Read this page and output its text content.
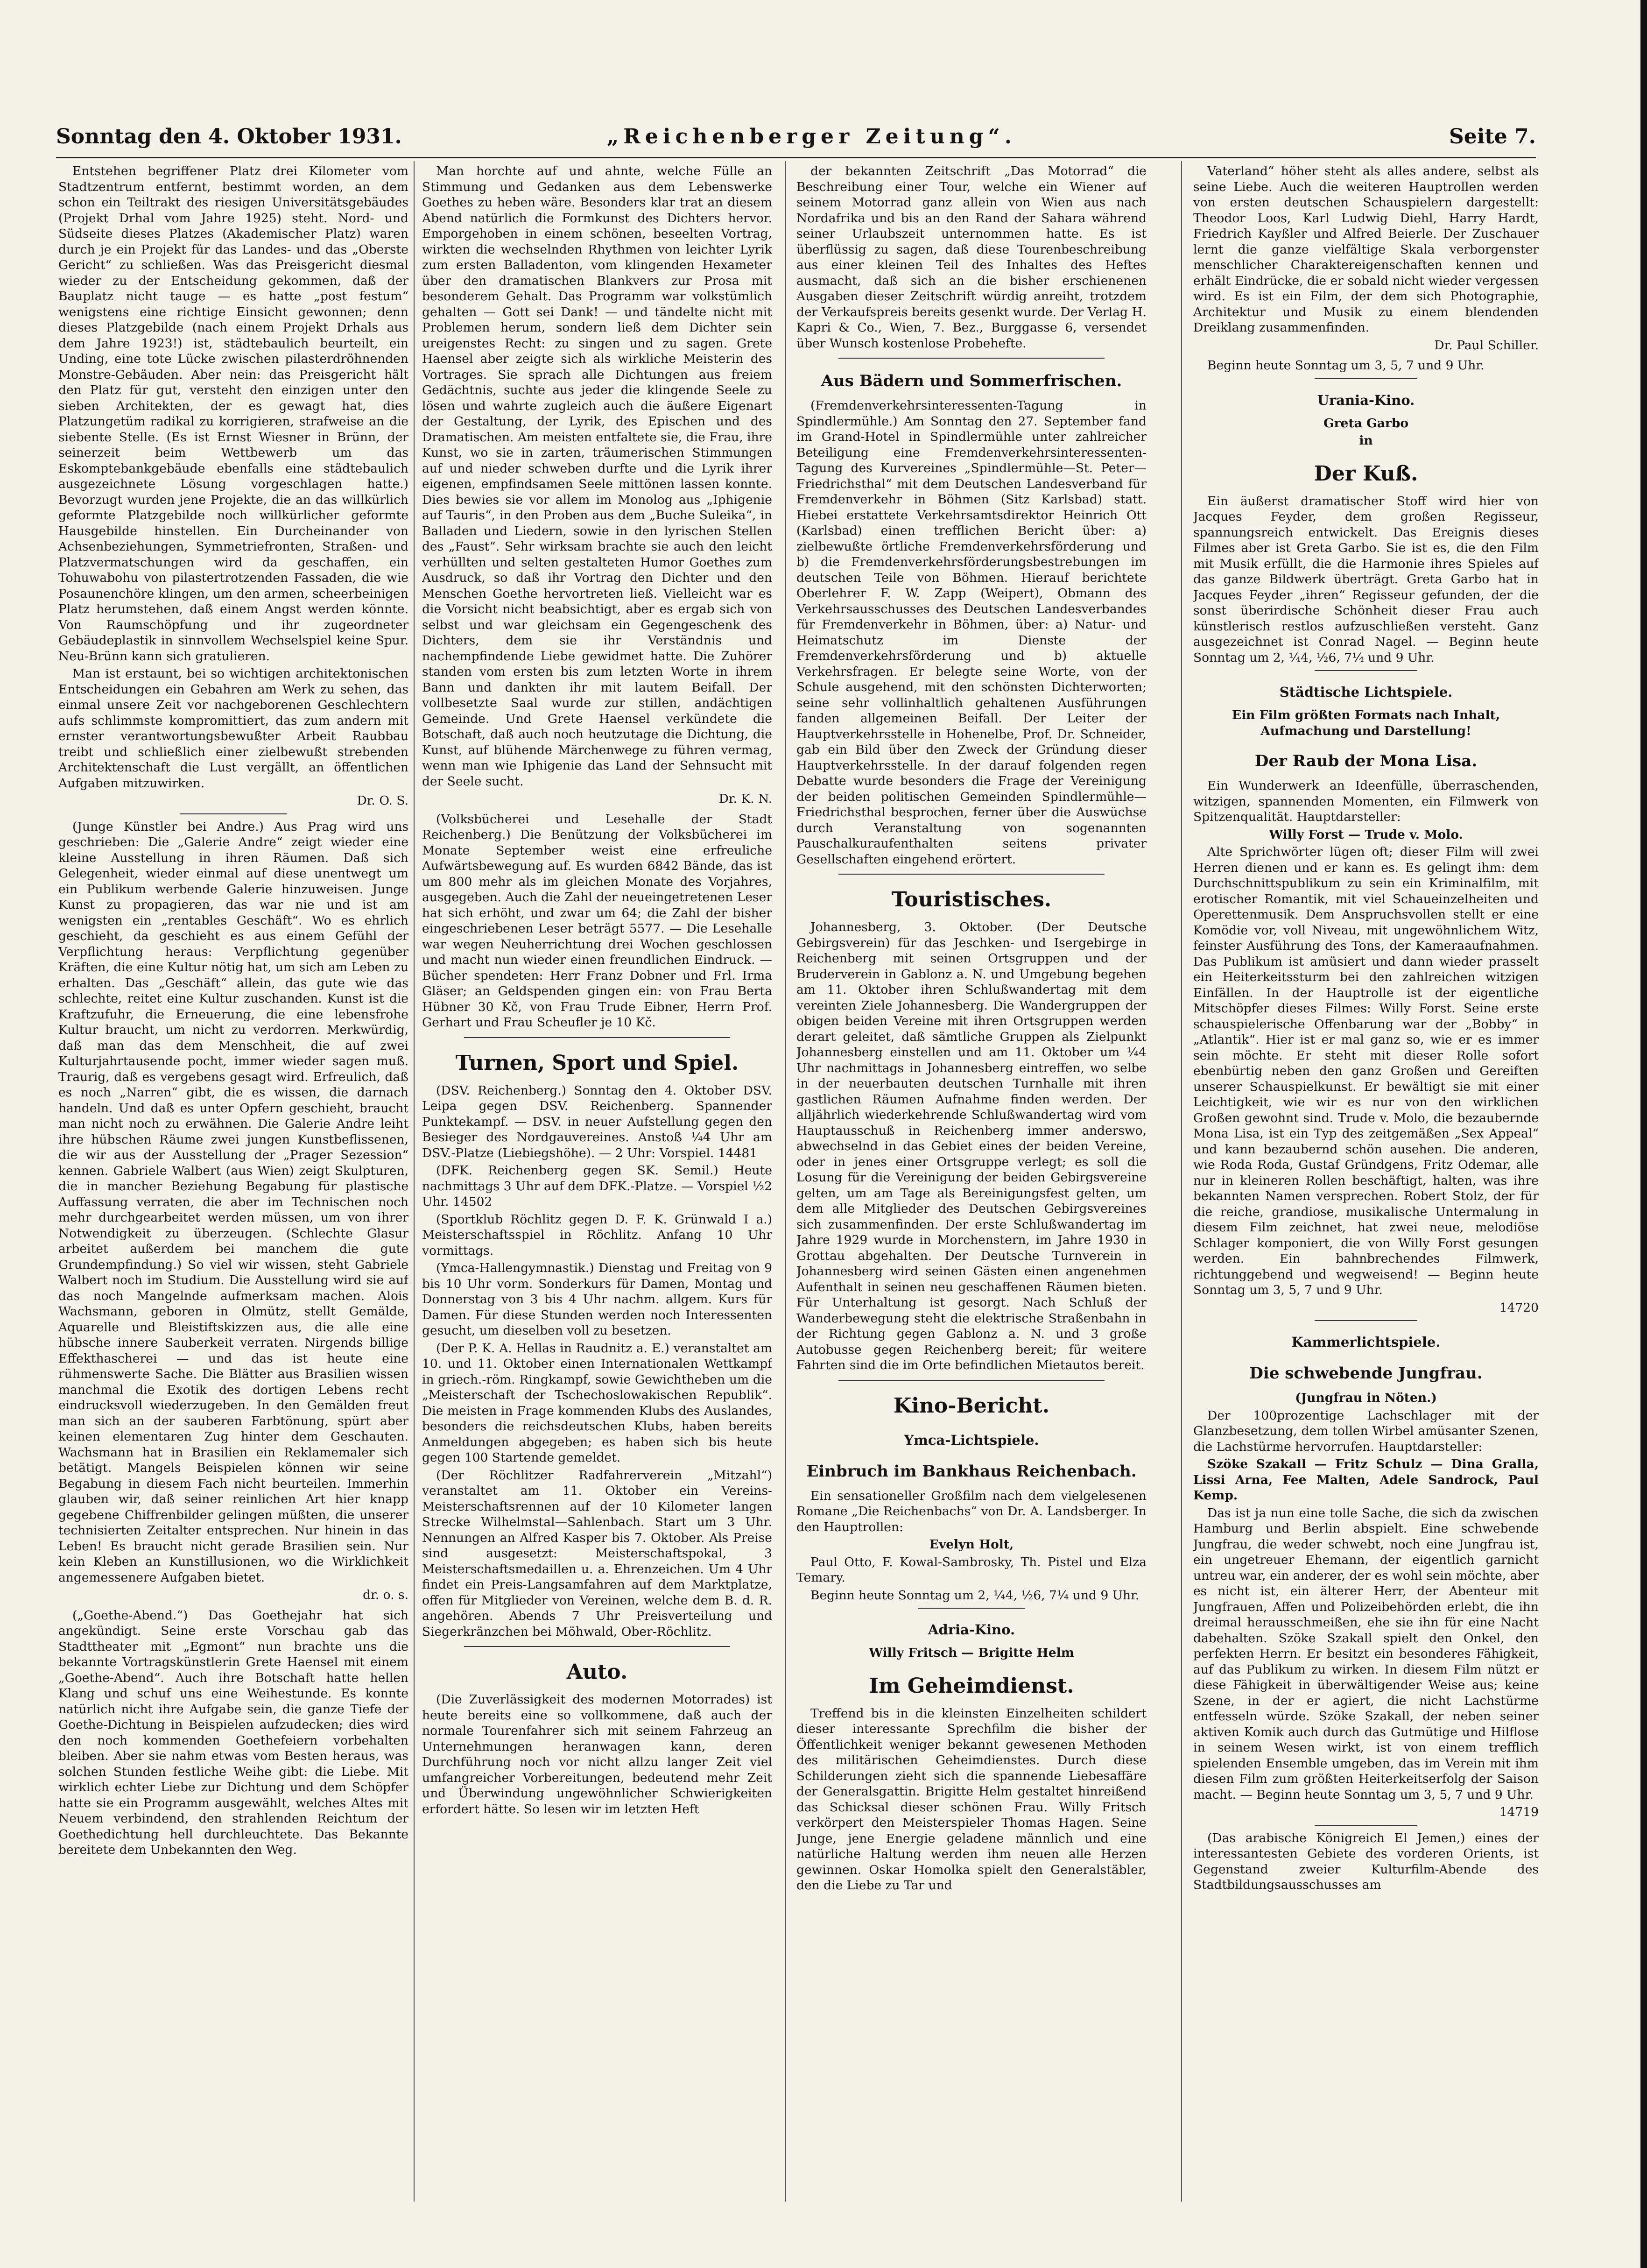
Sonntag den 4. Oktober 1931.	„Reichenberger Zeitung“.	Seite 7.

Entstehen begriffener Platz drei Kilometer vom Stadtzentrum entfernt, bestimmt worden, an dem schon ein Teiltrakt des riesigen Universitätsgebäudes (Projekt Drhal vom Jahre 1925) steht. Nord- und Südseite dieses Platzes (Akademischer Platz) waren durch je ein Projekt für das Landes- und das „Oberste Gericht“ zu schließen. Was das Preisgericht diesmal wieder zu der Entscheidung gekommen, daß der Bauplatz nicht tauge — es hatte „post festum“ wenigstens eine richtige Einsicht gewonnen; denn dieses Platzgebilde (nach einem Projekt Drhals aus dem Jahre 1923!) ist, städtebaulich beurteilt, ein Unding, eine tote Lücke zwischen pilasterdröhnenden Monstre-Gebäuden. Aber nein: das Preisgericht hält den Platz für gut, versteht den einzigen unter den sieben Architekten, der es gewagt hat, dies Platzungetüm radikal zu korrigieren, strafweise an die siebente Stelle. (Es ist Ernst Wiesner in Brünn, der seinerzeit beim Wettbewerb um das Eskomptebankgebäude ebenfalls eine städtebaulich ausgezeichnete Lösung vorgeschlagen hatte.) Bevorzugt wurden jene Projekte, die an das willkürlich geformte Platzgebilde noch willkürlicher geformte Hausgebilde hinstellen. Ein Durcheinander von Achsenbeziehungen, Symmetriefronten, Straßen- und Platzvermatschungen wird da geschaffen, ein Tohuwabohu von pilastertrotzenden Fassaden, die wie Posaunenchöre klingen, um den armen, scheerbeinigen Platz herumstehen, daß einem Angst werden könnte. Von Raumschöpfung und ihr zugeordneter Gebäudeplastik in sinnvollem Wechselspiel keine Spur. Neu-Brünn kann sich gratulieren.

Man ist erstaunt, bei so wichtigen architektonischen Entscheidungen ein Gebahren am Werk zu sehen, das einmal unsere Zeit vor nachgeborenen Geschlechtern aufs schlimmste kompromittiert, das zum andern mit ernster verantwortungsbewußter Arbeit Raubbau treibt und schließlich einer zielbewußt strebenden Architektenschaft die Lust vergällt, an öffentlichen Aufgaben mitzuwirken.

Dr. O. S.

(Junge Künstler bei Andre.) Aus Prag wird uns geschrieben: Die „Galerie Andre“ zeigt wieder eine kleine Ausstellung in ihren Räumen. Daß sich Gelegenheit, wieder einmal auf diese unentwegt um ein Publikum werbende Galerie hinzuweisen. Junge Kunst zu propagieren, das war nie und ist am wenigsten ein „rentables Geschäft“. Wo es ehrlich geschieht, da geschieht es aus einem Gefühl der Verpflichtung heraus: Verpflichtung gegenüber Kräften, die eine Kultur nötig hat, um sich am Leben zu erhalten. Das „Geschäft“ allein, das gute wie das schlechte, reitet eine Kultur zuschanden. Kunst ist die Kraftzufuhr, die Erneuerung, die eine lebensfrohe Kultur braucht, um nicht zu verdorren. Merkwürdig, daß man das dem Menschheit, die auf zwei Kulturjahrtausende pocht, immer wieder sagen muß. Traurig, daß es vergebens gesagt wird. Erfreulich, daß es noch „Narren“ gibt, die es wissen, die darnach handeln. Und daß es unter Opfern geschieht, braucht man nicht noch zu erwähnen. Die Galerie Andre leiht ihre hübschen Räume zwei jungen Kunstbeflissenen, die wir aus der Ausstellung der „Prager Sezession“ kennen. Gabriele Walbert (aus Wien) zeigt Skulpturen, die in mancher Beziehung Begabung für plastische Auffassung verraten, die aber im Technischen noch mehr durchgearbeitet werden müssen, um von ihrer Notwendigkeit zu überzeugen. (Schlechte Glasur arbeitet außerdem bei manchem die gute Grundempfindung.) So viel wir wissen, steht Gabriele Walbert noch im Studium. Die Ausstellung wird sie auf das noch Mangelnde aufmerksam machen. Alois Wachsmann, geboren in Olmütz, stellt Gemälde, Aquarelle und Bleistiftskizzen aus, die alle eine hübsche innere Sauberkeit verraten. Nirgends billige Effekthascherei — und das ist heute eine rühmenswerte Sache. Die Blätter aus Brasilien wissen manchmal die Exotik des dortigen Lebens recht eindrucksvoll wiederzugeben. In den Gemälden freut man sich an der sauberen Farbtönung, spürt aber keinen elementaren Zug hinter dem Geschauten. Wachsmann hat in Brasilien ein Reklamemaler sich betätigt. Mangels Beispielen können wir seine Begabung in diesem Fach nicht beurteilen. Immerhin glauben wir, daß seiner reinlichen Art hier knapp gegebene Chiffrenbilder gelingen müßten, die unserer technisierten Zeitalter entsprechen. Nur hinein in das Leben! Es braucht nicht gerade Brasilien sein. Nur kein Kleben an Kunstillusionen, wo die Wirklichkeit angemessenere Aufgaben bietet.

dr. o. s.

(„Goethe-Abend.“) Das Goethejahr hat sich angekündigt. Seine erste Vorschau gab das Stadttheater mit „Egmont“ nun brachte uns die bekannte Vortragskünstlerin Grete Haensel mit einem „Goethe-Abend“. Auch ihre Botschaft hatte hellen Klang und schuf uns eine Weihestunde. Es konnte natürlich nicht ihre Aufgabe sein, die ganze Tiefe der Goethe-Dichtung in Beispielen aufzudecken; dies wird den noch kommenden Goethefeiern vorbehalten bleiben. Aber sie nahm etwas vom Besten heraus, was solchen Stunden festliche Weihe gibt: die Liebe. Mit wirklich echter Liebe zur Dichtung und dem Schöpfer hatte sie ein Programm ausgewählt, welches Altes mit Neuem verbindend, den strahlenden Reichtum der Goethedichtung hell durchleuchtete. Das Bekannte bereitete dem Unbekannten den Weg.

Man horchte auf und ahnte, welche Fülle an Stimmung und Gedanken aus dem Lebenswerke Goethes zu heben wäre. Besonders klar trat an diesem Abend natürlich die Formkunst des Dichters hervor. Emporgehoben in einem schönen, beseelten Vortrag, wirkten die wechselnden Rhythmen von leichter Lyrik zum ersten Balladenton, vom klingenden Hexameter über den dramatischen Blankvers zur Prosa mit besonderem Gehalt. Das Programm war volkstümlich gehalten — Gott sei Dank! — und tändelte nicht mit Problemen herum, sondern ließ dem Dichter sein ureigenstes Recht: zu singen und zu sagen. Grete Haensel aber zeigte sich als wirkliche Meisterin des Vortrages. Sie sprach alle Dichtungen aus freiem Gedächtnis, suchte aus jeder die klingende Seele zu lösen und wahrte zugleich auch die äußere Eigenart der Gestaltung, der Lyrik, des Epischen und des Dramatischen. Am meisten entfaltete sie, die Frau, ihre Kunst, wo sie in zarten, träumerischen Stimmungen auf und nieder schweben durfte und die Lyrik ihrer eigenen, empfindsamen Seele mittönen lassen konnte. Dies bewies sie vor allem im Monolog aus „Iphigenie auf Tauris“, in den Proben aus dem „Buche Suleika“, in Balladen und Liedern, sowie in den lyrischen Stellen des „Faust“. Sehr wirksam brachte sie auch den leicht verhüllten und selten gestalteten Humor Goethes zum Ausdruck, so daß ihr Vortrag den Dichter und den Menschen Goethe hervortreten ließ. Vielleicht war es die Vorsicht nicht beabsichtigt, aber es ergab sich von selbst und war gleichsam ein Gegengeschenk des Dichters, dem sie ihr Verständnis und nachempfindende Liebe gewidmet hatte. Die Zuhörer standen vom ersten bis zum letzten Worte in ihrem Bann und dankten ihr mit lautem Beifall. Der vollbesetzte Saal wurde zur stillen, andächtigen Gemeinde. Und Grete Haensel verkündete die Botschaft, daß auch noch heutzutage die Dichtung, die Kunst, auf blühende Märchenwege zu führen vermag, wenn man wie Iphigenie das Land der Sehnsucht mit der Seele sucht.

Dr. K. N.

(Volksbücherei und Lesehalle der Stadt Reichenberg.) Die Benützung der Volksbücherei im Monate September weist eine erfreuliche Aufwärtsbewegung auf. Es wurden 6842 Bände, das ist um 800 mehr als im gleichen Monate des Vorjahres, ausgegeben. Auch die Zahl der neueingetretenen Leser hat sich erhöht, und zwar um 64; die Zahl der bisher eingeschriebenen Leser beträgt 5577. — Die Lesehalle war wegen Neuherrichtung drei Wochen geschlossen und macht nun wieder einen freundlichen Eindruck. — Bücher spendeten: Herr Franz Dobner und Frl. Irma Gläser; an Geldspenden gingen ein: von Frau Berta Hübner 30 Kč, von Frau Trude Eibner, Herrn Prof. Gerhart und Frau Scheufler je 10 Kč.

Turnen, Sport und Spiel.

(DSV. Reichenberg.) Sonntag den 4. Oktober DSV. Leipa gegen DSV. Reichenberg. Spannender Punktekampf. — DSV. in neuer Aufstellung gegen den Besieger des Nordgauvereines. Anstoß ¼4 Uhr am DSV.-Platze (Liebiegshöhe). — 2 Uhr: Vorspiel. 14481

(DFK. Reichenberg gegen SK. Semil.) Heute nachmittags 3 Uhr auf dem DFK.-Platze. — Vorspiel ½2 Uhr. 14502

(Sportklub Röchlitz gegen D. F. K. Grünwald I a.) Meisterschaftsspiel in Röchlitz. Anfang 10 Uhr vormittags.

(Ymca-Hallengymnastik.) Dienstag und Freitag von 9 bis 10 Uhr vorm. Sonderkurs für Damen, Montag und Donnerstag von 3 bis 4 Uhr nachm. allgem. Kurs für Damen. Für diese Stunden werden noch Interessenten gesucht, um dieselben voll zu besetzen.

(Der P. K. A. Hellas in Raudnitz a. E.) veranstaltet am 10. und 11. Oktober einen Internationalen Wettkampf in griech.-röm. Ringkampf, sowie Gewichtheben um die „Meisterschaft der Tschechoslowakischen Republik“. Die meisten in Frage kommenden Klubs des Auslandes, besonders die reichsdeutschen Klubs, haben bereits Anmeldungen abgegeben; es haben sich bis heute gegen 100 Startende gemeldet.

(Der Röchlitzer Radfahrerverein „Mitzahl“) veranstaltet am 11. Oktober ein Vereins-Meisterschaftsrennen auf der 10 Kilometer langen Strecke Wilhelmstal—Sahlenbach. Start um 3 Uhr. Nennungen an Alfred Kasper bis 7. Oktober. Als Preise sind ausgesetzt: Meisterschaftspokal, 3 Meisterschaftsmedaillen u. a. Ehrenzeichen. Um 4 Uhr findet ein Preis-Langsamfahren auf dem Marktplatze, offen für Mitglieder von Vereinen, welche dem B. d. R. angehören. Abends 7 Uhr Preisverteilung und Siegerkränzchen bei Möhwald, Ober-Röchlitz.

Auto.

(Die Zuverlässigkeit des modernen Motorrades) ist heute bereits eine so vollkommene, daß auch der normale Tourenfahrer sich mit seinem Fahrzeug an Unternehmungen heranwagen kann, deren Durchführung noch vor nicht allzu langer Zeit viel umfangreicher Vorbereitungen, bedeutend mehr Zeit und Überwindung ungewöhnlicher Schwierigkeiten erfordert hätte. So lesen wir im letzten Heft

der bekannten Zeitschrift „Das Motorrad“ die Beschreibung einer Tour, welche ein Wiener auf seinem Motorrad ganz allein von Wien aus nach Nordafrika und bis an den Rand der Sahara während seiner Urlaubszeit unternommen hatte. Es ist überflüssig zu sagen, daß diese Tourenbeschreibung aus einer kleinen Teil des Inhaltes des Heftes ausmacht, daß sich an die bisher erschienenen Ausgaben dieser Zeitschrift würdig anreiht, trotzdem der Verkaufspreis bereits gesenkt wurde. Der Verlag H. Kapri & Co., Wien, 7. Bez., Burggasse 6, versendet über Wunsch kostenlose Probehefte.

Aus Bädern und Sommerfrischen.

(Fremdenverkehrsinteressenten-Tagung in Spindlermühle.) Am Sonntag den 27. September fand im Grand-Hotel in Spindlermühle unter zahlreicher Beteiligung eine Fremdenverkehrsinteressenten-Tagung des Kurvereines „Spindlermühle—St. Peter—Friedrichsthal“ mit dem Deutschen Landesverband für Fremdenverkehr in Böhmen (Sitz Karlsbad) statt. Hiebei erstattete Verkehrsamtsdirektor Heinrich Ott (Karlsbad) einen trefflichen Bericht über: a) zielbewußte örtliche Fremdenverkehrsförderung und b) die Fremdenverkehrsförderungsbestrebungen im deutschen Teile von Böhmen. Hierauf berichtete Oberlehrer F. W. Zapp (Weipert), Obmann des Verkehrsausschusses des Deutschen Landesverbandes für Fremdenverkehr in Böhmen, über: a) Natur- und Heimatschutz im Dienste der Fremdenverkehrsförderung und b) aktuelle Verkehrsfragen. Er belegte seine Worte, von der Schule ausgehend, mit den schönsten Dichterworten; seine sehr vollinhaltlich gehaltenen Ausführungen fanden allgemeinen Beifall. Der Leiter der Hauptverkehrsstelle in Hohenelbe, Prof. Dr. Schneider, gab ein Bild über den Zweck der Gründung dieser Hauptverkehrsstelle. In der darauf folgenden regen Debatte wurde besonders die Frage der Vereinigung der beiden politischen Gemeinden Spindlermühle—Friedrichsthal besprochen, ferner über die Auswüchse durch Veranstaltung von sogenannten Pauschalkuraufenthalten seitens privater Gesellschaften eingehend erörtert.

Touristisches.

Johannesberg, 3. Oktober. (Der Deutsche Gebirgsverein) für das Jeschken- und Isergebirge in Reichenberg mit seinen Ortsgruppen und der Bruderverein in Gablonz a. N. und Umgebung begehen am 11. Oktober ihren Schlußwandertag mit dem vereinten Ziele Johannesberg. Die Wandergruppen der obigen beiden Vereine mit ihren Ortsgruppen werden derart geleitet, daß sämtliche Gruppen als Zielpunkt Johannesberg einstellen und am 11. Oktober um ¼4 Uhr nachmittags in Johannesberg eintreffen, wo selbe in der neuerbauten deutschen Turnhalle mit ihren gastlichen Räumen Aufnahme finden werden. Der alljährlich wiederkehrende Schlußwandertag wird vom Hauptausschuß in Reichenberg immer anderswo, abwechselnd in das Gebiet eines der beiden Vereine, oder in jenes einer Ortsgruppe verlegt; es soll die Losung für die Vereinigung der beiden Gebirgsvereine gelten, um am Tage als Bereinigungsfest gelten, um dem alle Mitglieder des Deutschen Gebirgsvereines sich zusammenfinden. Der erste Schlußwandertag im Jahre 1929 wurde in Morchenstern, im Jahre 1930 in Grottau abgehalten. Der Deutsche Turnverein in Johannesberg wird seinen Gästen einen angenehmen Aufenthalt in seinen neu geschaffenen Räumen bieten. Für Unterhaltung ist gesorgt. Nach Schluß der Wanderbewegung steht die elektrische Straßenbahn in der Richtung gegen Gablonz a. N. und 3 große Autobusse gegen Reichenberg bereit; für weitere Fahrten sind die im Orte befindlichen Mietautos bereit.

Kino-Bericht.
Ymca-Lichtspiele.
Einbruch im Bankhaus Reichenbach.

Ein sensationeller Großfilm nach dem vielgelesenen Romane „Die Reichenbachs“ von Dr. A. Landsberger. In den Hauptrollen:

Evelyn Holt,

Paul Otto, F. Kowal-Sambrosky, Th. Pistel und Elza Temary.

Beginn heute Sonntag um 2, ¼4, ½6, 7¼ und 9 Uhr.

Adria-Kino.

Willy Fritsch — Brigitte Helm

Im Geheimdienst.

Treffend bis in die kleinsten Einzelheiten schildert dieser interessante Sprechfilm die bisher der Öffentlichkeit weniger bekannt gewesenen Methoden des militärischen Geheimdienstes. Durch diese Schilderungen zieht sich die spannende Liebesaffäre der Generalsgattin. Brigitte Helm gestaltet hinreißend das Schicksal dieser schönen Frau. Willy Fritsch verkörpert den Meisterspieler Thomas Hagen. Seine Junge, jene Energie geladene männlich und eine natürliche Haltung werden ihm neuen alle Herzen gewinnen. Oskar Homolka spielt den Generalstäbler, den die Liebe zu Tar und

Vaterland“ höher steht als alles andere, selbst als seine Liebe. Auch die weiteren Hauptrollen werden von ersten deutschen Schauspielern dargestellt: Theodor Loos, Karl Ludwig Diehl, Harry Hardt, Friedrich Kayßler und Alfred Beierle. Der Zuschauer lernt die ganze vielfältige Skala verborgenster menschlicher Charaktereigenschaften kennen und erhält Eindrücke, die er sobald nicht wieder vergessen wird. Es ist ein Film, der dem sich Photographie, Architektur und Musik zu einem blendenden Dreiklang zusammenfinden.

Dr. Paul Schiller.

Beginn heute Sonntag um 3, 5, 7 und 9 Uhr.

Urania-Kino.

Greta Garbo

in

Der Kuß.

Ein äußerst dramatischer Stoff wird hier von Jacques Feyder, dem großen Regisseur, spannungsreich entwickelt. Das Ereignis dieses Filmes aber ist Greta Garbo. Sie ist es, die den Film mit Musik erfüllt, die die Harmonie ihres Spieles auf das ganze Bildwerk überträgt. Greta Garbo hat in Jacques Feyder „ihren“ Regisseur gefunden, der die sonst überirdische Schönheit dieser Frau auch künstlerisch restlos aufzuschließen versteht. Ganz ausgezeichnet ist Conrad Nagel. — Beginn heute Sonntag um 2, ¼4, ½6, 7¼ und 9 Uhr.

Städtische Lichtspiele.

Ein Film größten Formats nach Inhalt, Aufmachung und Darstellung!

Der Raub der Mona Lisa.

Ein Wunderwerk an Ideenfülle, überraschenden, witzigen, spannenden Momenten, ein Filmwerk von Spitzenqualität. Hauptdarsteller:

Willy Forst — Trude v. Molo.

Alte Sprichwörter lügen oft; dieser Film will zwei Herren dienen und er kann es. Es gelingt ihm: dem Durchschnittspublikum zu sein ein Kriminalfilm, mit erotischer Romantik, mit viel Schaueinzelheiten und Operettenmusik. Dem Anspruchsvollen stellt er eine Komödie vor, voll Niveau, mit ungewöhnlichem Witz, feinster Ausführung des Tons, der Kameraaufnahmen. Das Publikum ist amüsiert und dann wieder prasselt ein Heiterkeitssturm bei den zahlreichen witzigen Einfällen. In der Hauptrolle ist der eigentliche Mitschöpfer dieses Filmes: Willy Forst. Seine erste schauspielerische Offenbarung war der „Bobby“ in „Atlantik“. Hier ist er mal ganz so, wie er es immer sein möchte. Er steht mit dieser Rolle sofort ebenbürtig neben den ganz Großen und Gereiften unserer Schauspielkunst. Er bewältigt sie mit einer Leichtigkeit, wie wir es nur von den wirklichen Großen gewohnt sind. Trude v. Molo, die bezaubernde Mona Lisa, ist ein Typ des zeitgemäßen „Sex Appeal“ und kann bezaubernd schön ausehen. Die anderen, wie Roda Roda, Gustaf Gründgens, Fritz Odemar, alle nur in kleineren Rollen beschäftigt, halten, was ihre bekannten Namen versprechen. Robert Stolz, der für die reiche, grandiose, musikalische Untermalung in diesem Film zeichnet, hat zwei neue, melodiöse Schlager komponiert, die von Willy Forst gesungen werden. Ein bahnbrechendes Filmwerk, richtunggebend und wegweisend! — Beginn heute Sonntag um 3, 5, 7 und 9 Uhr.

14720

Kammerlichtspiele.
Die schwebende Jungfrau.

(Jungfrau in Nöten.)

Der 100prozentige Lachschlager mit der Glanzbesetzung, dem tollen Wirbel amüsanter Szenen, die Lachstürme hervorrufen. Hauptdarsteller:

Szöke Szakall — Fritz Schulz — Dina Gralla, Lissi Arna, Fee Malten, Adele Sandrock, Paul Kemp.

Das ist ja nun eine tolle Sache, die sich da zwischen Hamburg und Berlin abspielt. Eine schwebende Jungfrau, die weder schwebt, noch eine Jungfrau ist, ein ungetreuer Ehemann, der eigentlich garnicht untreu war, ein anderer, der es wohl sein möchte, aber es nicht ist, ein älterer Herr, der Abenteur mit Jungfrauen, Affen und Polizeibehörden erlebt, die ihn dreimal herausschmeißen, ehe sie ihn für eine Nacht dabehalten. Szöke Szakall spielt den Onkel, den perfekten Herrn. Er besitzt ein besonderes Fähigkeit, auf das Publikum zu wirken. In diesem Film nützt er diese Fähigkeit in überwältigender Weise aus; keine Szene, in der er agiert, die nicht Lachstürme entfesseln würde. Szöke Szakall, der neben seiner aktiven Komik auch durch das Gutmütige und Hilflose in seinem Wesen wirkt, ist von einem trefflich spielenden Ensemble umgeben, das im Verein mit ihm diesen Film zum größten Heiterkeitserfolg der Saison macht. — Beginn heute Sonntag um 3, 5, 7 und 9 Uhr.

14719

(Das arabische Königreich El Jemen,) eines der interessantesten Gebiete des vorderen Orients, ist Gegenstand zweier Kulturfilm-Abende des Stadtbildungsausschusses am
